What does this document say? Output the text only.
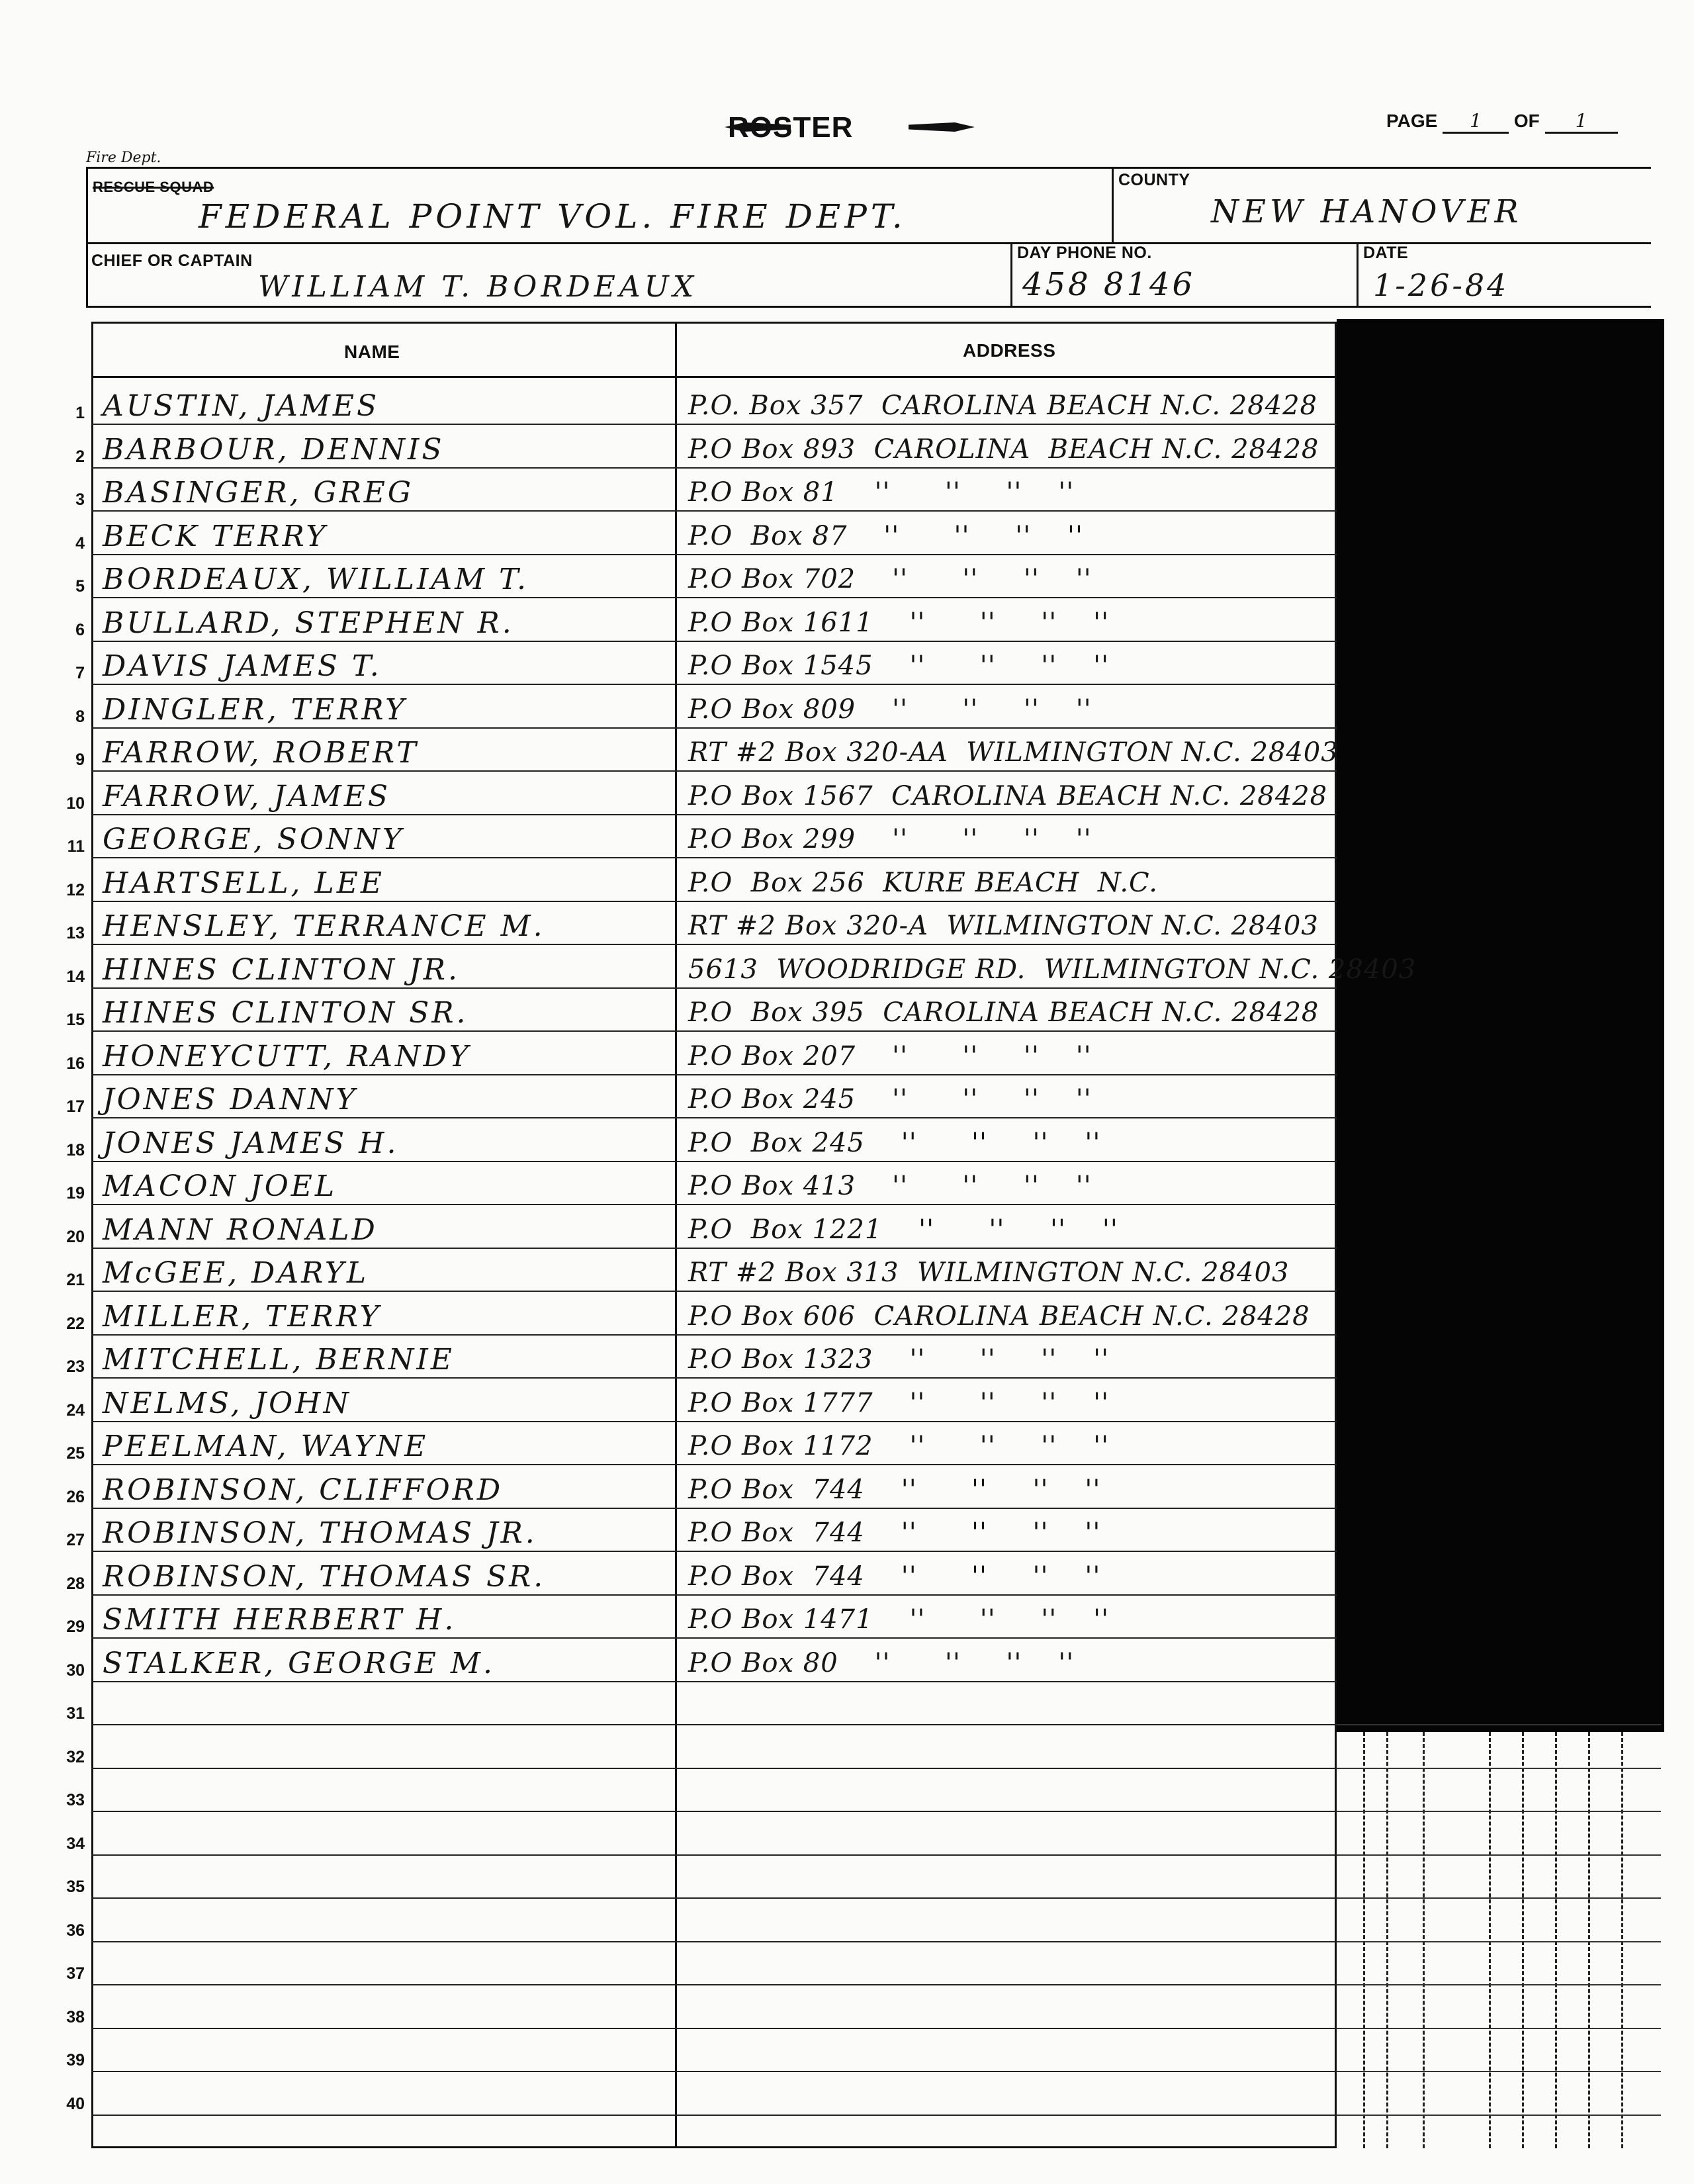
ROSTER	PAGE 1 OF 1
Fire Dept.
RESCUE SQUAD
FEDERAL POINT VOL. FIRE DEPT.
COUNTY
NEW HANOVER
CHIEF OR CAPTAIN
WILLIAM T. BORDEAUX
DAY PHONE NO.
458 8146
DATE
1-26-84
NAME	ADDRESS
1 AUSTIN, JAMES	P.O. Box 357  CAROLINA BEACH N.C. 28428
2 BARBOUR, DENNIS	P.O Box 893  CAROLINA  BEACH N.C. 28428
3 BASINGER, GREG	P.O Box 81    ''      ''     ''    ''
4 BECK TERRY	P.O  Box 87    ''      ''     ''    ''
5 BORDEAUX, WILLIAM T.	P.O Box 702    ''      ''     ''    ''
6 BULLARD, STEPHEN R.	P.O Box 1611    ''      ''     ''    ''
7 DAVIS JAMES T.	P.O Box 1545    ''      ''     ''    ''
8 DINGLER, TERRY	P.O Box 809    ''      ''     ''    ''
9 FARROW, ROBERT	RT #2 Box 320-AA  WILMINGTON N.C. 28403
10 FARROW, JAMES	P.O Box 1567  CAROLINA BEACH N.C. 28428
11 GEORGE, SONNY	P.O Box 299    ''      ''     ''    ''
12 HARTSELL, LEE	P.O  Box 256  KURE BEACH  N.C.
13 HENSLEY, TERRANCE M.	RT #2 Box 320-A  WILMINGTON N.C. 28403
14 HINES CLINTON JR.	5613  WOODRIDGE RD.  WILMINGTON N.C. 28403
15 HINES CLINTON SR.	P.O  Box 395  CAROLINA BEACH N.C. 28428
16 HONEYCUTT, RANDY	P.O Box 207    ''      ''     ''    ''
17 JONES DANNY	P.O Box 245    ''      ''     ''    ''
18 JONES JAMES H.	P.O  Box 245    ''      ''     ''    ''
19 MACON JOEL	P.O Box 413    ''      ''     ''    ''
20 MANN RONALD	P.O  Box 1221    ''      ''     ''    ''
21 McGEE, DARYL	RT #2 Box 313  WILMINGTON N.C. 28403
22 MILLER, TERRY	P.O Box 606  CAROLINA BEACH N.C. 28428
23 MITCHELL, BERNIE	P.O Box 1323    ''      ''     ''    ''
24 NELMS, JOHN	P.O Box 1777    ''      ''     ''    ''
25 PEELMAN, WAYNE	P.O Box 1172    ''      ''     ''    ''
26 ROBINSON, CLIFFORD	P.O Box  744    ''      ''     ''    ''
27 ROBINSON, THOMAS JR.	P.O Box  744    ''      ''     ''    ''
28 ROBINSON, THOMAS SR.	P.O Box  744    ''      ''     ''    ''
29 SMITH HERBERT H.	P.O Box 1471    ''      ''     ''    ''
30 STALKER, GEORGE M.	P.O Box 80    ''      ''     ''    ''
31
32
33
34
35
36
37
38
39
40
